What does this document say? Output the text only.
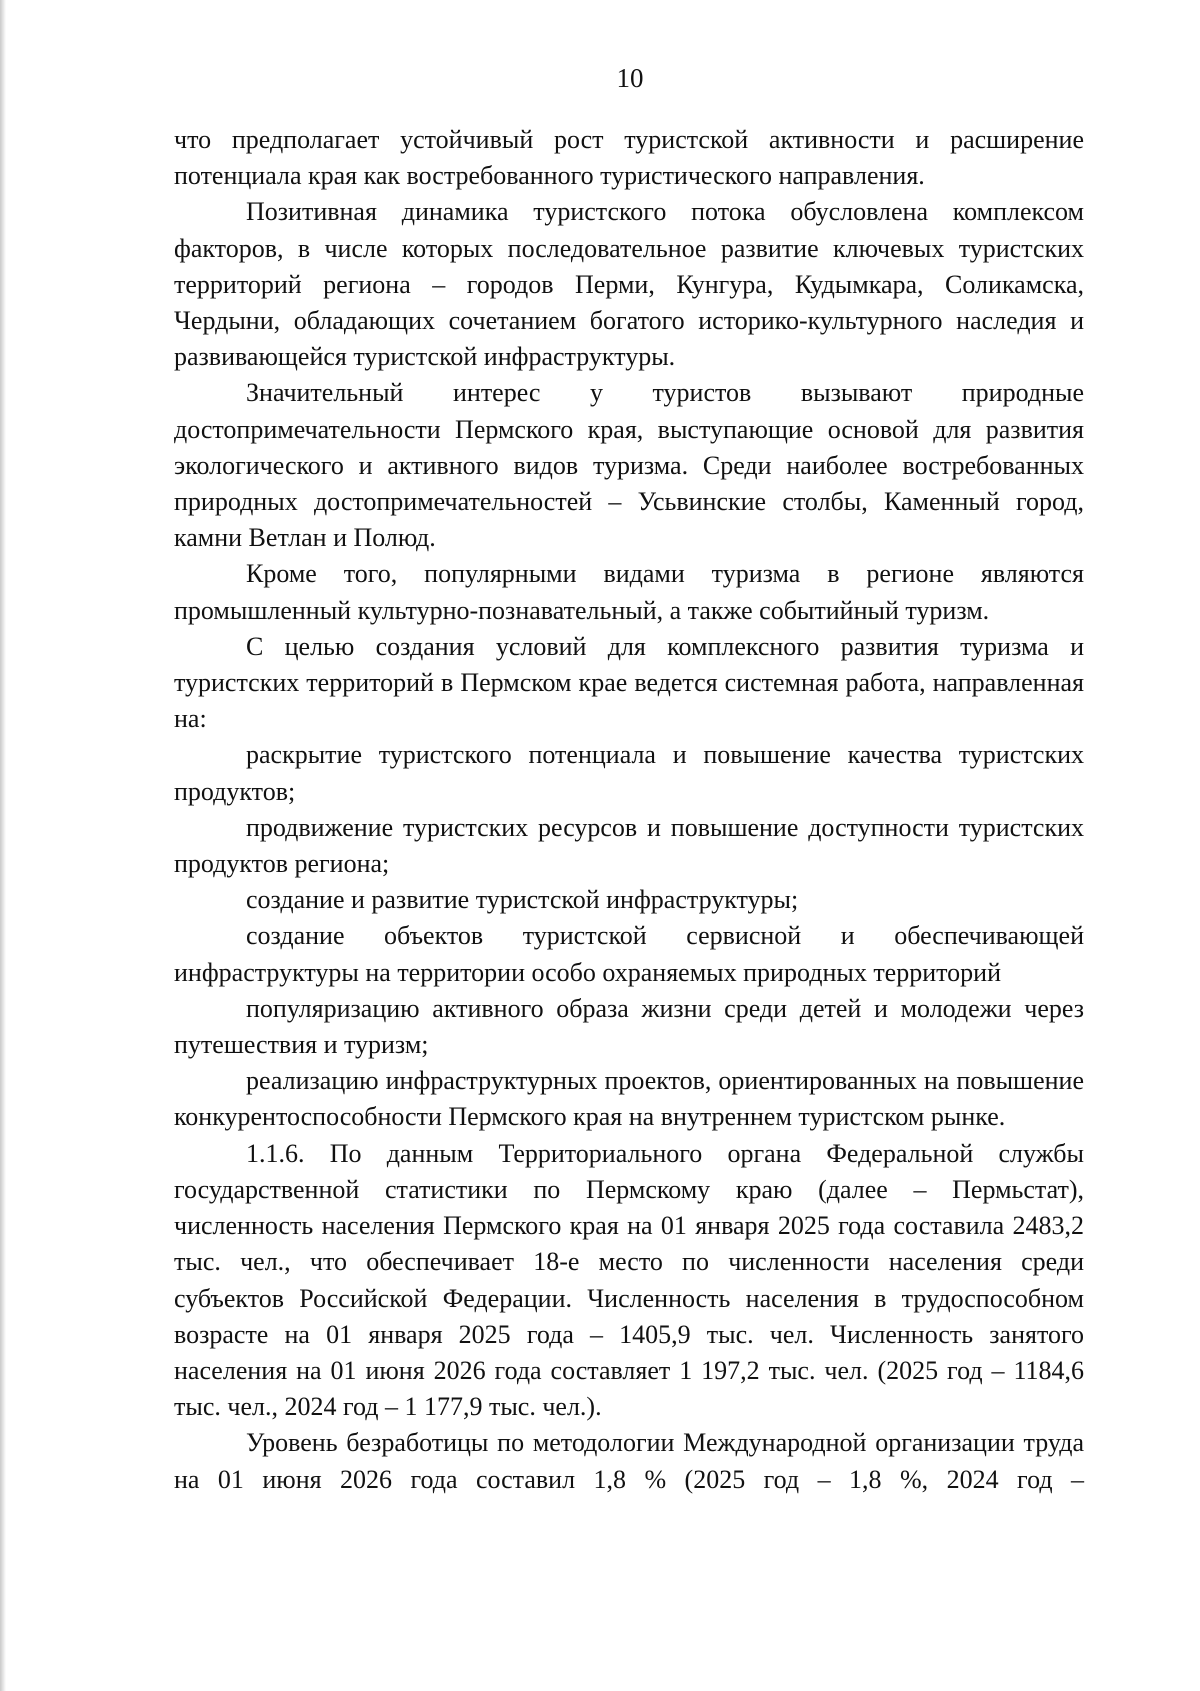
10

что предполагает устойчивый рост туристской активности и расширение потенциала края как востребованного туристического направления.

Позитивная динамика туристского потока обусловлена комплексом факторов, в числе которых последовательное развитие ключевых туристских территорий региона – городов Перми, Кунгура, Кудымкара, Соликамска, Чердыни, обладающих сочетанием богатого историко-культурного наследия и развивающейся туристской инфраструктуры.

Значительный интерес у туристов вызывают природные достопримечательности Пермского края, выступающие основой для развития экологического и активного видов туризма. Среди наиболее востребованных природных достопримечательностей – Усьвинские столбы, Каменный город, камни Ветлан и Полюд.

Кроме того, популярными видами туризма в регионе являются промышленный культурно-познавательный, а также событийный туризм.

С целью создания условий для комплексного развития туризма и туристских территорий в Пермском крае ведется системная работа, направленная на:

раскрытие туристского потенциала и повышение качества туристских продуктов;

продвижение туристских ресурсов и повышение доступности туристских продуктов региона;

создание и развитие туристской инфраструктуры;

создание объектов туристской сервисной и обеспечивающей инфраструктуры на территории особо охраняемых природных территорий

популяризацию активного образа жизни среди детей и молодежи через путешествия и туризм;

реализацию инфраструктурных проектов, ориентированных на повышение конкурентоспособности Пермского края на внутреннем туристском рынке.

1.1.6. По данным Территориального органа Федеральной службы государственной статистики по Пермскому краю (далее – Пермьстат), численность населения Пермского края на 01 января 2025 года составила 2483,2 тыс. чел., что обеспечивает 18-е место по численности населения среди субъектов Российской Федерации. Численность населения в трудоспособном возрасте на 01 января 2025 года – 1405,9 тыс. чел. Численность занятого населения на 01 июня 2026 года составляет 1 197,2 тыс. чел. (2025 год – 1184,6 тыс. чел., 2024 год – 1 177,9 тыс. чел.).

Уровень безработицы по методологии Международной организации труда на 01 июня 2026 года составил 1,8 % (2025 год – 1,8 %, 2024 год –
